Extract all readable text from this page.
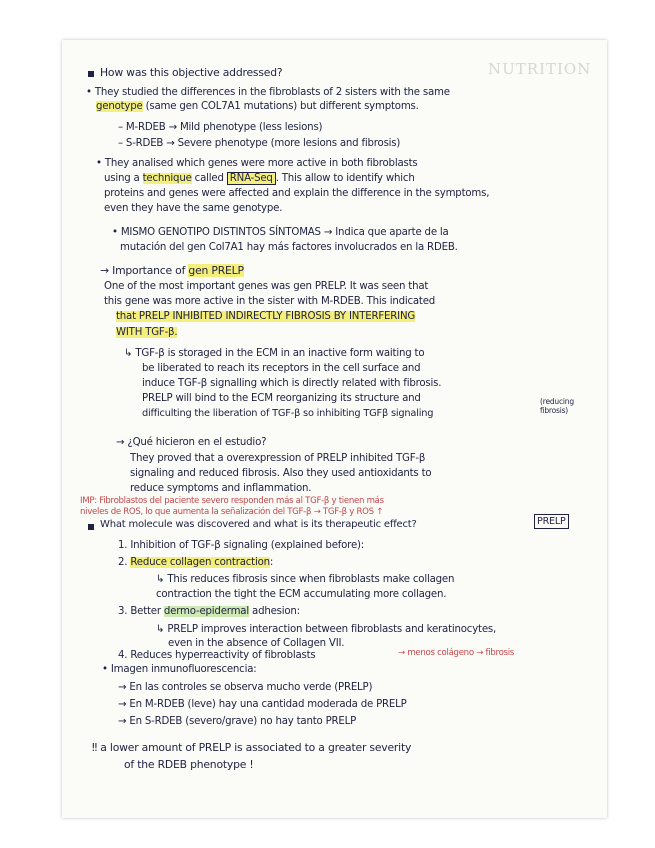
NUTRITION
How was this objective addressed?
• They studied the differences in the fibroblasts of 2 sisters with the same
genotype (same gen COL7A1 mutations) but different symptoms.
– M-RDEB → Mild phenotype (less lesions)
– S-RDEB → Severe phenotype (more lesions and fibrosis)
• They analised which genes were more active in both fibroblasts
using a technique called RNA-Seq . This allow to identify which
proteins and genes were affected and explain the difference in the symptoms,
even they have the same genotype.
• MISMO GENOTIPO DISTINTOS SÍNTOMAS → Indica que aparte de la
mutación del gen Col7A1 hay más factores involucrados en la RDEB.
→ Importance of gen PRELP
One of the most important genes was gen PRELP. It was seen that
this gene was more active in the sister with M-RDEB. This indicated
that PRELP INHIBITED INDIRECTLY FIBROSIS BY INTERFERING
WITH TGF-β.
↳ TGF-β is storaged in the ECM in an inactive form waiting to
be liberated to reach its receptors in the cell surface and
induce TGF-β signalling which is directly related with fibrosis.
PRELP will bind to the ECM reorganizing its structure and
difficulting the liberation of TGF-β so inhibiting TGFβ signaling
(reducing fibrosis)
→ ¿Qué hicieron en el estudio?
They proved that a overexpression of PRELP inhibited TGF-β
signaling and reduced fibrosis. Also they used antioxidants to
reduce symptoms and inflammation.
IMP: Fibroblastos del paciente severo responden más al TGF-β y tienen más
niveles de ROS, lo que aumenta la señalización del TGF-β → TGF-β y ROS ↑
What molecule was discovered and what is its therapeutic effect?	PRELP
1. Inhibition of TGF-β signaling (explained before):
2. Reduce collagen contraction:
↳ This reduces fibrosis since when fibroblasts make collagen
contraction the tight the ECM accumulating more collagen.
3. Better dermo-epidermal adhesion:
↳ PRELP improves interaction between fibroblasts and keratinocytes,
even in the absence of Collagen VII.
4. Reduces hyperreactivity of fibroblasts	→ menos colágeno → fibrosis
• Imagen inmunofluorescencia:
→ En las controles se observa mucho verde (PRELP)
→ En M-RDEB (leve) hay una cantidad moderada de PRELP
→ En S-RDEB (severo/grave) no hay tanto PRELP
‼ a lower amount of PRELP is associated to a greater severity
of the RDEB phenotype !
